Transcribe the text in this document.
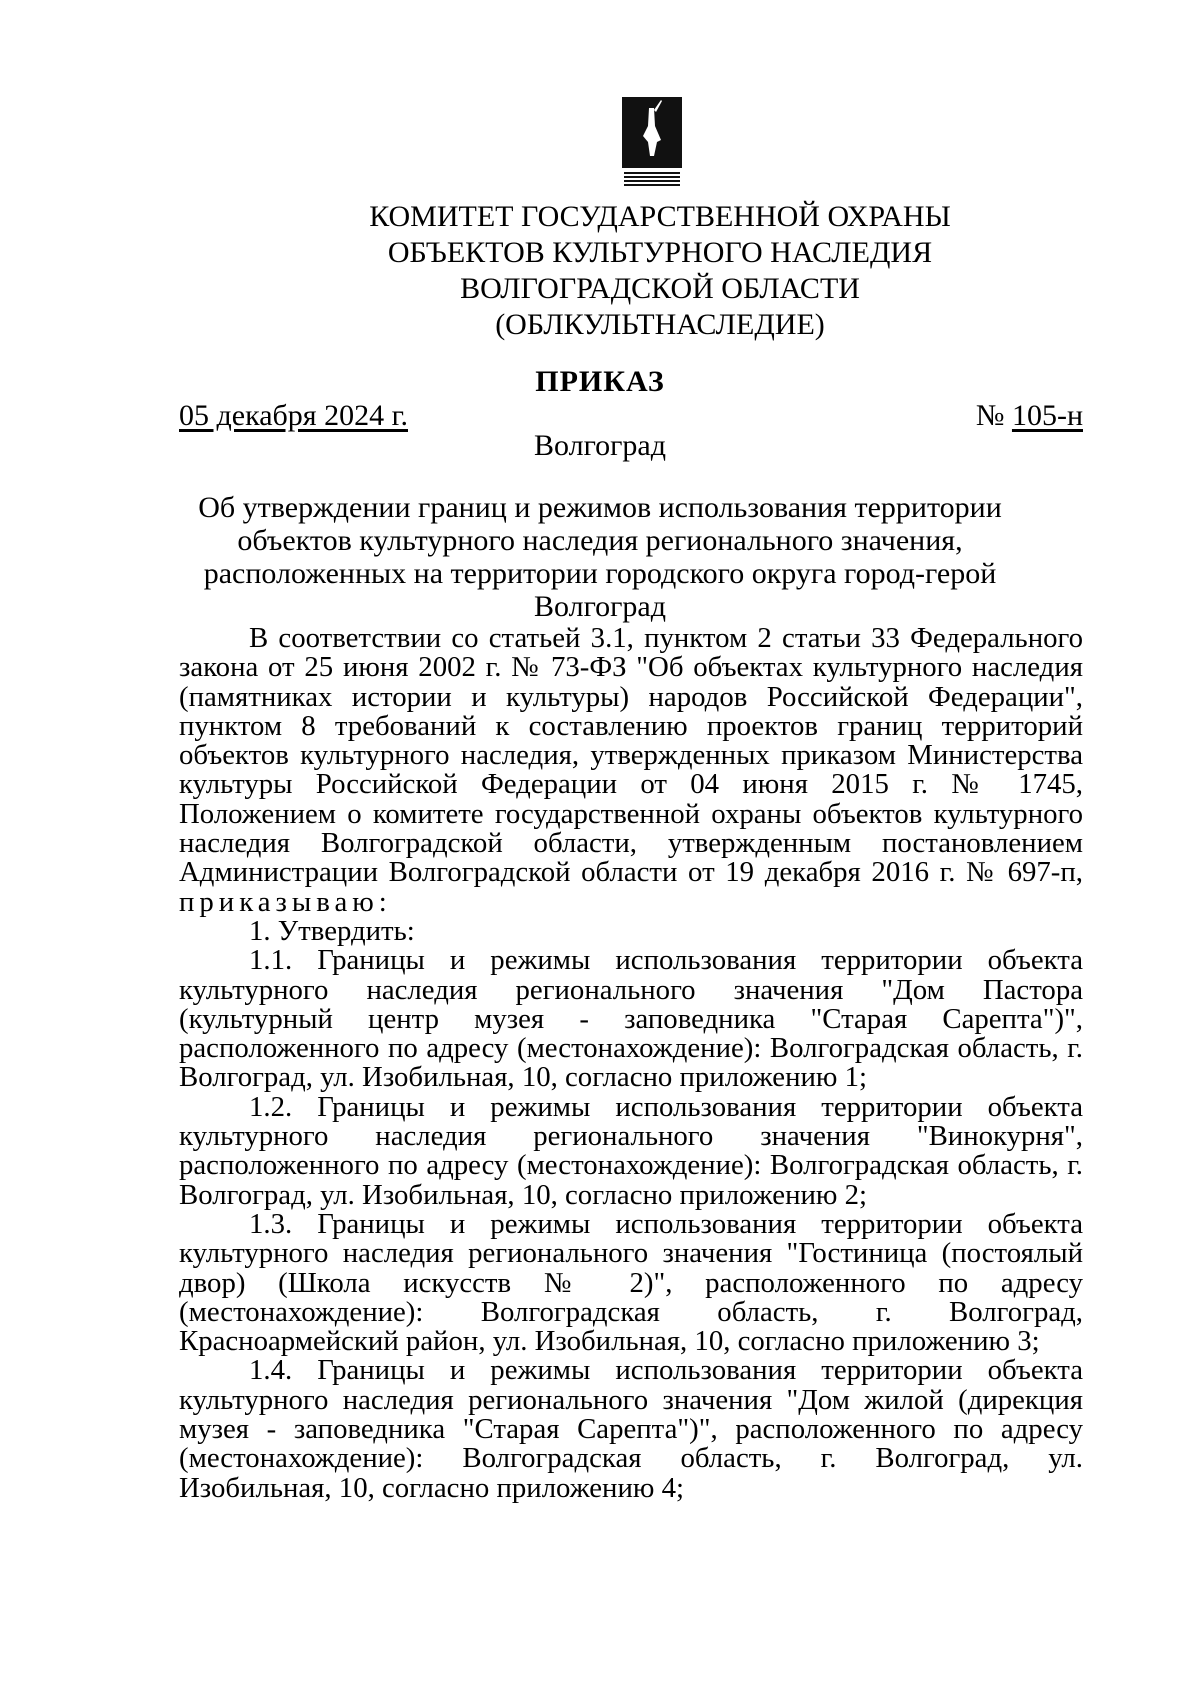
КОМИТЕТ ГОСУДАРСТВЕННОЙ ОХРАНЫ
ОБЪЕКТОВ КУЛЬТУРНОГО НАСЛЕДИЯ
ВОЛГОГРАДСКОЙ ОБЛАСТИ
(ОБЛКУЛЬТНАСЛЕДИЕ)
ПРИКАЗ
05 декабря 2024 г.	№ 105-н
Волгоград
Об утверждении границ и режимов использования территории объектов культурного наследия регионального значения, расположенных на территории городского округа город-герой Волгоград

В соответствии со статьей 3.1, пунктом 2 статьи 33 Федерального закона от 25 июня 2002 г. № 73-ФЗ "Об объектах культурного наследия (памятниках истории и культуры) народов Российской Федерации", пунктом 8 требований к составлению проектов границ территорий объектов культурного наследия, утвержденных приказом Министерства культуры Российской Федерации от 04 июня 2015 г. № 1745, Положением о комитете государственной охраны объектов культурного наследия Волгоградской области, утвержденным постановлением Администрации Волгоградской области от 19 декабря 2016 г. № 697-п, приказываю:

1. Утвердить:

1.1. Границы и режимы использования территории объекта культурного наследия регионального значения "Дом Пастора (культурный центр музея - заповедника "Старая Сарепта")", расположенного по адресу (местонахождение): Волгоградская область, г. Волгоград, ул. Изобильная, 10, согласно приложению 1;

1.2. Границы и режимы использования территории объекта культурного наследия регионального значения "Винокурня", расположенного по адресу (местонахождение): Волгоградская область, г. Волгоград, ул. Изобильная, 10, согласно приложению 2;

1.3. Границы и режимы использования территории объекта культурного наследия регионального значения "Гостиница (постоялый двор) (Школа искусств № 2)", расположенного по адресу (местонахождение): Волгоградская область, г. Волгоград, Красноармейский район, ул. Изобильная, 10, согласно приложению 3;

1.4. Границы и режимы использования территории объекта культурного наследия регионального значения "Дом жилой (дирекция музея - заповедника "Старая Сарепта")", расположенного по адресу (местонахождение): Волгоградская область, г. Волгоград, ул. Изобильная, 10, согласно приложению 4;
